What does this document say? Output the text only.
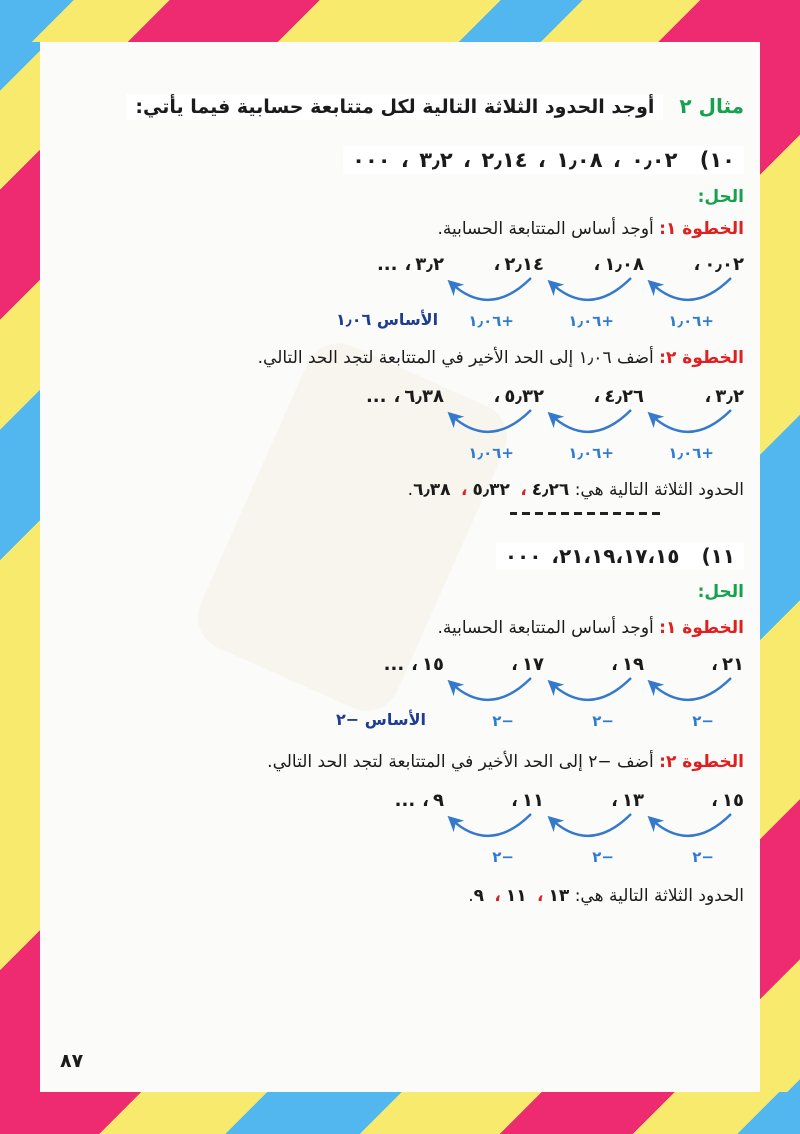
مثال ٢
أوجد الحدود الثلاثة التالية لكل متتابعة حسابية فيما يأتي:
١٠) ٠٫٠٢ ، ١٫٠٨ ، ٢٫١٤ ، ٣٫٢ ، ٠٠٠
الحل:
الخطوة ١: أوجد أساس المتتابعة الحسابية.
٠٫٠٢،
١٫٠٨،
٢٫١٤،
٣٫٢،...
+١٫٠٦
+١٫٠٦
+١٫٠٦
الأساس ١٫٠٦
الخطوة ٢: أضف ١٫٠٦ إلى الحد الأخير في المتتابعة لتجد الحد التالي.
٣٫٢،
٤٫٢٦،
٥٫٣٢،
٦٫٣٨،...
+١٫٠٦
+١٫٠٦
+١٫٠٦
الحدود الثلاثة التالية هي: ٤٫٢٦، ٥٫٣٢، ٦٫٣٨.
١١) ٢١،١٩،١٧،١٥، ٠٠٠
الحل:
الخطوة ١: أوجد أساس المتتابعة الحسابية.
٢١،
١٩،
١٧،
١٥،...
−٢
−٢
−٢
الأساس −٢
الخطوة ٢: أضف −٢ إلى الحد الأخير في المتتابعة لتجد الحد التالي.
١٥،
١٣،
١١،
٩،...
−٢
−٢
−٢
الحدود الثلاثة التالية هي: ١٣، ١١، ٩.
٨٧
